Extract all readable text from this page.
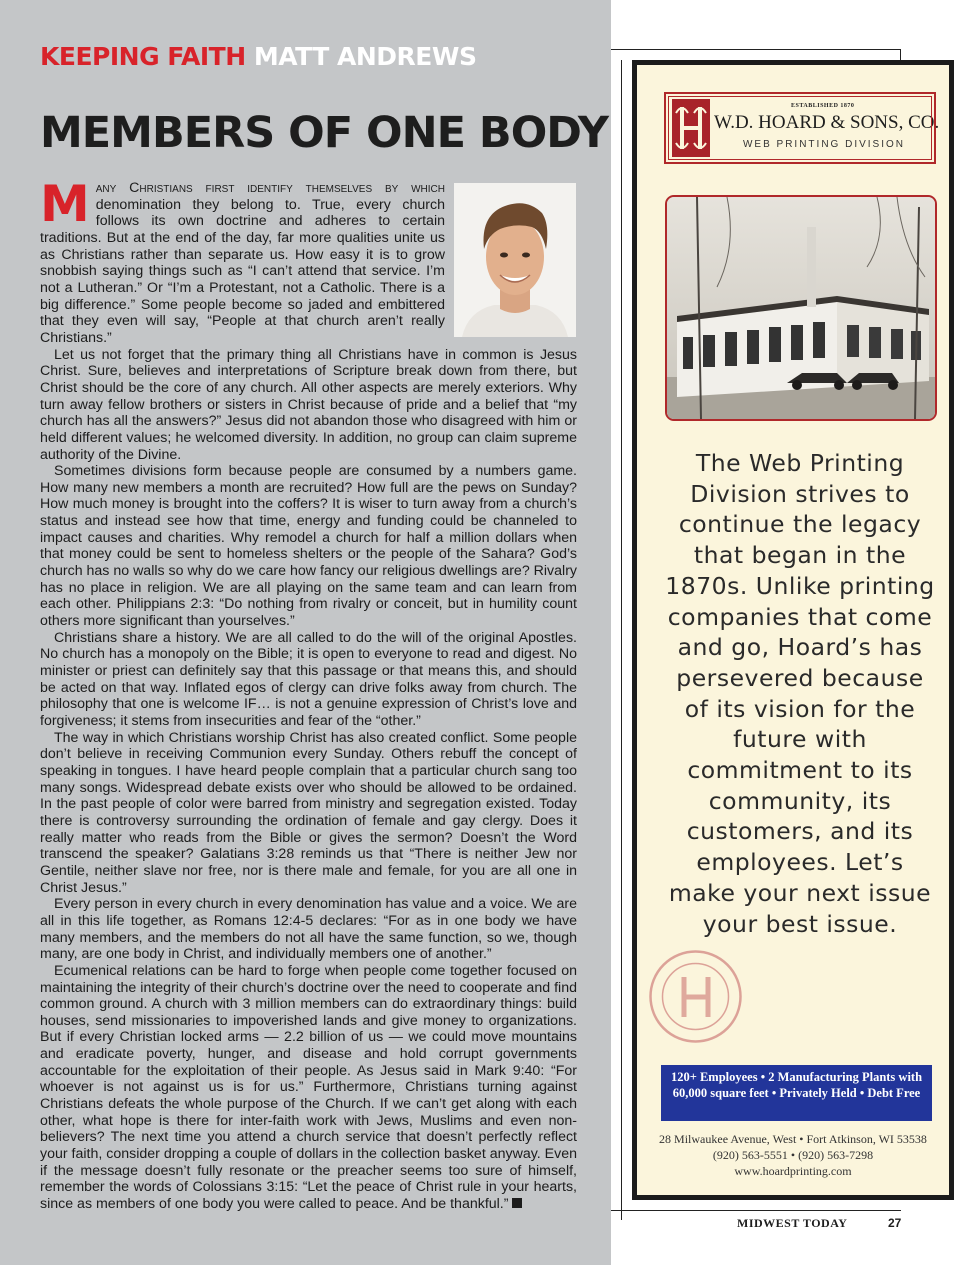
KEEPING FAITH MATT ANDREWS
MEMBERS OF ONE BODY

Many Christians first identify themselves by which denomination they belong to. True, every church follows its own doctrine and adheres to certain traditions. But at the end of the day, far more qualities unite us as Christians rather than separate us. How easy it is to grow snobbish saying things such as “I can’t attend that service. I’m not a Lutheran.” Or “I’m a Protestant, not a Catholic. There is a big difference.” Some people become so jaded and embittered that they even will say, “People at that church aren’t really Christians.”

Let us not forget that the primary thing all Christians have in common is Jesus Christ. Sure, believes and interpretations of Scripture break down from there, but Christ should be the core of any church. All other aspects are merely exteriors. Why turn away fellow brothers or sisters in Christ because of pride and a belief that “my church has all the answers?” Jesus did not abandon those who disagreed with him or held different values; he welcomed diversity. In addition, no group can claim supreme authority of the Divine.

Sometimes divisions form because people are consumed by a numbers game. How many new members a month are recruited? How full are the pews on Sunday? How much money is brought into the coffers? It is wiser to turn away from a church’s status and instead see how that time, energy and funding could be channeled to impact causes and charities. Why remodel a church for half a million dollars when that money could be sent to homeless shelters or the people of the Sahara? God’s church has no walls so why do we care how fancy our religious dwellings are? Rivalry has no place in religion. We are all playing on the same team and can learn from each other. Philippians 2:3: “Do nothing from rivalry or conceit, but in humility count others more significant than yourselves.”

Christians share a history. We are all called to do the will of the original Apostles. No church has a monopoly on the Bible; it is open to everyone to read and digest. No minister or priest can definitely say that this passage or that means this, and should be acted on that way. Inflated egos of clergy can drive folks away from church. The philosophy that one is welcome IF… is not a genuine expression of Christ’s love and forgiveness; it stems from insecurities and fear of the “other.”

The way in which Christians worship Christ has also created conflict. Some people don’t believe in receiving Communion every Sunday. Others rebuff the concept of speaking in tongues. I have heard people complain that a particular church sang too many songs. Widespread debate exists over who should be allowed to be ordained. In the past people of color were barred from ministry and segregation existed. Today there is controversy surrounding the ordination of female and gay clergy. Does it really matter who reads from the Bible or gives the sermon? Doesn’t the Word transcend the speaker? Galatians 3:28 reminds us that “There is neither Jew nor Gentile, neither slave nor free, nor is there male and female, for you are all one in Christ Jesus.”

Every person in every church in every denomination has value and a voice. We are all in this life together, as Romans 12:4-5 declares: “For as in one body we have many members, and the members do not all have the same function, so we, though many, are one body in Christ, and individually members one of another.”

Ecumenical relations can be hard to forge when people come together focused on maintaining the integrity of their church’s doctrine over the need to cooperate and find common ground. A church with 3 million members can do extraordinary things: build houses, send missionaries to impoverished lands and give money to organizations. But if every Christian locked arms — 2.2 billion of us — we could move mountains and eradicate poverty, hunger, and disease and hold corrupt governments accountable for the exploitation of their people. As Jesus said in Mark 9:40: “For whoever is not against us is for us.” Furthermore, Christians turning against Christians defeats the whole purpose of the Church. If we can’t get along with each other, what hope is there for inter-faith work with Jews, Muslims and even non-believers? The next time you attend a church service that doesn’t perfectly reflect your faith, consider dropping a couple of dollars in the collection basket anyway. Even if the message doesn’t fully resonate or the preacher seems too sure of himself, remember the words of Colossians 3:15: “Let the peace of Christ rule in your hearts, since as members of one body you were called to peace. And be thankful.”

ESTABLISHED 1870
W.D. HOARD & SONS, CO.
WEB PRINTING DIVISION

The Web Printing Division strives to continue the legacy that began in the 1870s. Unlike printing companies that come and go, Hoard’s has persevered because of its vision for the future with commitment to its community, its customers, and its employees. Let’s make your next issue your best issue.

120+ Employees • 2 Manufacturing Plants with 60,000 square feet • Privately Held • Debt Free
28 Milwaukee Avenue, West • Fort Atkinson, WI 53538
(920) 563-5551 • (920) 563-7298
www.hoardprinting.com
MIDWEST TODAY	27
